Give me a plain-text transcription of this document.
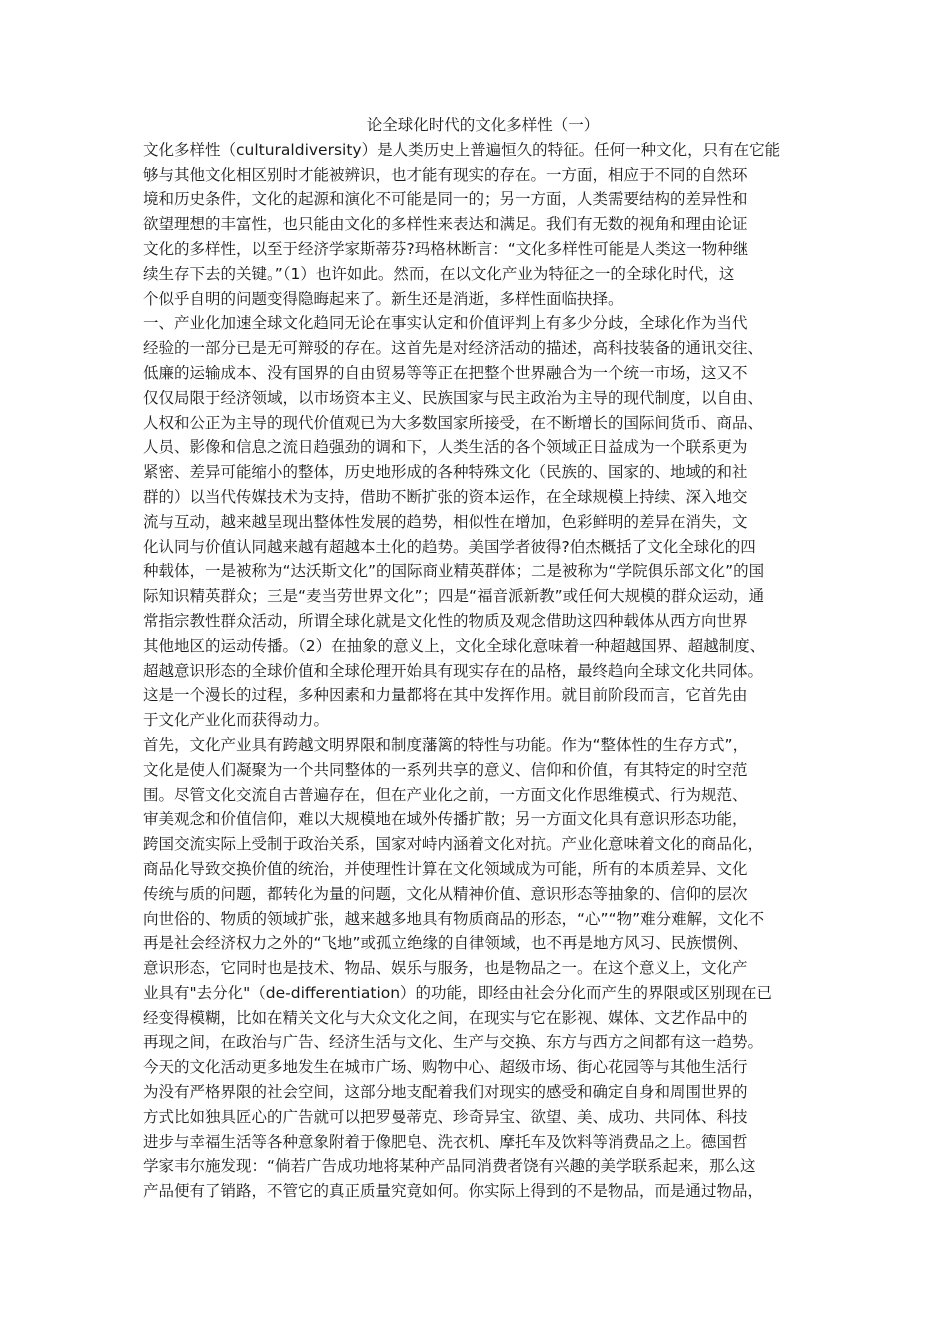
论全球化时代的文化多样性（一）
文化多样性（culturaldiversity）是人类历史上普遍恒久的特征。任何一种文化，只有在它能
够与其他文化相区别时才能被辨识，也才能有现实的存在。一方面，相应于不同的自然环
境和历史条件，文化的起源和演化不可能是同一的；另一方面，人类需要结构的差异性和
欲望理想的丰富性，也只能由文化的多样性来表达和满足。我们有无数的视角和理由论证
文化的多样性，以至于经济学家斯蒂芬?玛格林断言：“文化多样性可能是人类这一物种继
续生存下去的关键。”（1）也许如此。然而，在以文化产业为特征之一的全球化时代，这
个似乎自明的问题变得隐晦起来了。新生还是消逝，多样性面临抉择。
一、产业化加速全球文化趋同无论在事实认定和价值评判上有多少分歧，全球化作为当代
经验的一部分已是无可辩驳的存在。这首先是对经济活动的描述，高科技装备的通讯交往、
低廉的运输成本、没有国界的自由贸易等等正在把整个世界融合为一个统一市场，这又不
仅仅局限于经济领域，以市场资本主义、民族国家与民主政治为主导的现代制度，以自由、
人权和公正为主导的现代价值观已为大多数国家所接受，在不断增长的国际间货币、商品、
人员、影像和信息之流日趋强劲的调和下，人类生活的各个领域正日益成为一个联系更为
紧密、差异可能缩小的整体，历史地形成的各种特殊文化（民族的、国家的、地域的和社
群的）以当代传媒技术为支持，借助不断扩张的资本运作，在全球规模上持续、深入地交
流与互动，越来越呈现出整体性发展的趋势，相似性在增加，色彩鲜明的差异在消失，文
化认同与价值认同越来越有超越本土化的趋势。美国学者彼得?伯杰概括了文化全球化的四
种载体，一是被称为“达沃斯文化”的国际商业精英群体；二是被称为“学院俱乐部文化”的国
际知识精英群众；三是“麦当劳世界文化”；四是“福音派新教”或任何大规模的群众运动，通
常指宗教性群众活动，所谓全球化就是文化性的物质及观念借助这四种载体从西方向世界
其他地区的运动传播。（2）在抽象的意义上，文化全球化意味着一种超越国界、超越制度、
超越意识形态的全球价值和全球伦理开始具有现实存在的品格，最终趋向全球文化共同体。
这是一个漫长的过程，多种因素和力量都将在其中发挥作用。就目前阶段而言，它首先由
于文化产业化而获得动力。
首先，文化产业具有跨越文明界限和制度藩篱的特性与功能。作为“整体性的生存方式”，
文化是使人们凝聚为一个共同整体的一系列共享的意义、信仰和价值，有其特定的时空范
围。尽管文化交流自古普遍存在，但在产业化之前，一方面文化作思维模式、行为规范、
审美观念和价值信仰，难以大规模地在域外传播扩散；另一方面文化具有意识形态功能，
跨国交流实际上受制于政治关系，国家对峙内涵着文化对抗。产业化意味着文化的商品化，
商品化导致交换价值的统治，并使理性计算在文化领域成为可能，所有的本质差异、文化
传统与质的问题，都转化为量的问题，文化从精神价值、意识形态等抽象的、信仰的层次
向世俗的、物质的领域扩张，越来越多地具有物质商品的形态，“心”“物”难分难解，文化不
再是社会经济权力之外的“飞地”或孤立绝缘的自律领域，也不再是地方风习、民族惯例、
意识形态，它同时也是技术、物品、娱乐与服务，也是物品之一。在这个意义上，文化产
业具有"去分化"（de-differentiation）的功能，即经由社会分化而产生的界限或区别现在已
经变得模糊，比如在精关文化与大众文化之间，在现实与它在影视、媒体、文艺作品中的
再现之间，在政治与广告、经济生活与文化、生产与交换、东方与西方之间都有这一趋势。
今天的文化活动更多地发生在城市广场、购物中心、超级市场、街心花园等与其他生活行
为没有严格界限的社会空间，这部分地支配着我们对现实的感受和确定自身和周围世界的
方式比如独具匠心的广告就可以把罗曼蒂克、珍奇异宝、欲望、美、成功、共同体、科技
进步与幸福生活等各种意象附着于像肥皂、洗衣机、摩托车及饮料等消费品之上。德国哲
学家韦尔施发现：“倘若广告成功地将某种产品同消费者饶有兴趣的美学联系起来，那么这
产品便有了销路，不管它的真正质量究竟如何。你实际上得到的不是物品，而是通过物品，
